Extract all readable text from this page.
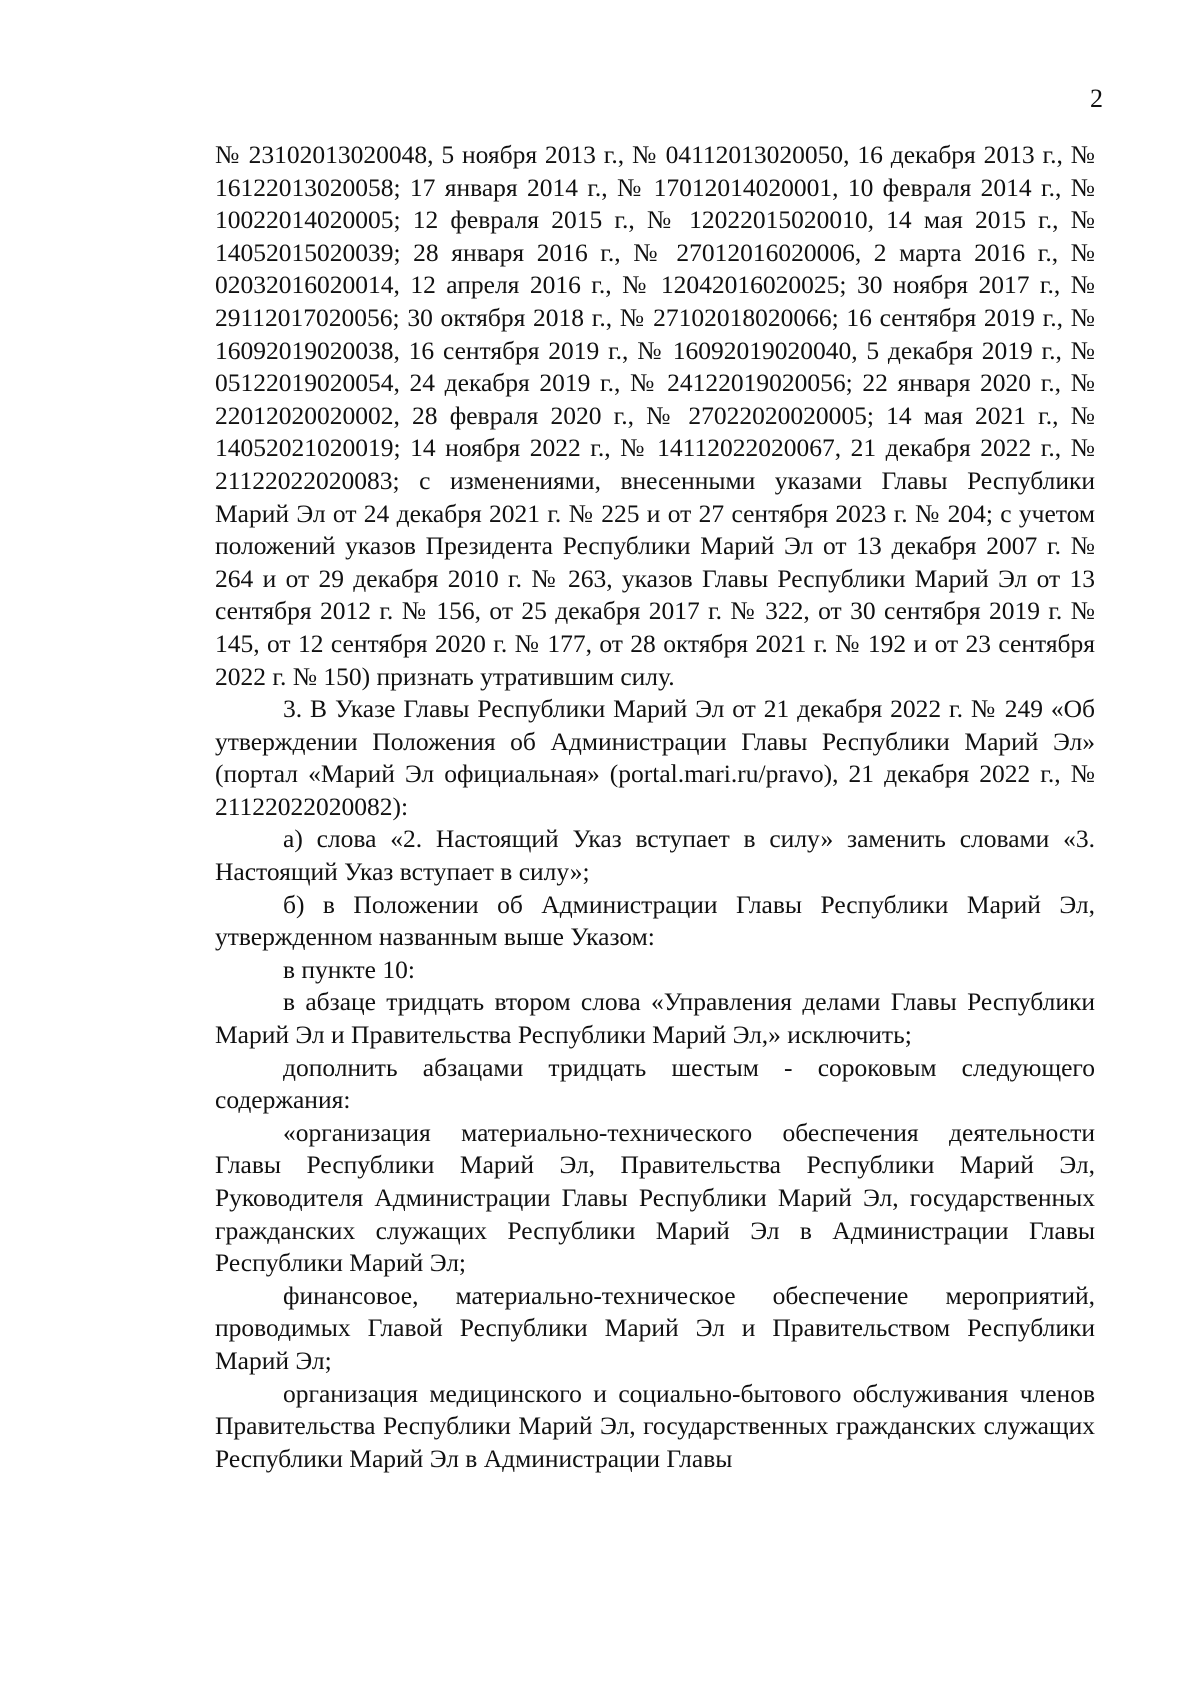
2

№ 23102013020048, 5 ноября 2013 г., № 04112013020050, 16 декабря 2013 г., № 16122013020058; 17 января 2014 г., № 17012014020001, 10 февраля 2014 г., № 10022014020005; 12 февраля 2015 г., № 12022015020010, 14 мая 2015 г., № 14052015020039; 28 января 2016 г., № 27012016020006, 2 марта 2016 г., № 02032016020014, 12 апреля 2016 г., № 12042016020025; 30 ноября 2017 г., № 29112017020056; 30 октября 2018 г., № 27102018020066; 16 сентября 2019 г., № 16092019020038, 16 сентября 2019 г., № 16092019020040, 5 декабря 2019 г., № 05122019020054, 24 декабря 2019 г., № 24122019020056; 22 января 2020 г., № 22012020020002, 28 февраля 2020 г., № 27022020020005; 14 мая 2021 г., № 14052021020019; 14 ноября 2022 г., № 14112022020067, 21 декабря 2022 г., № 21122022020083; с изменениями, внесенными указами Главы Республики Марий Эл от 24 декабря 2021 г. № 225 и от 27 сентября 2023 г. № 204; с учетом положений указов Президента Республики Марий Эл от 13 декабря 2007 г. № 264 и от 29 декабря 2010 г. № 263, указов Главы Республики Марий Эл от 13 сентября 2012 г. № 156, от 25 декабря 2017 г. № 322, от 30 сентября 2019 г. № 145, от 12 сентября 2020 г. № 177, от 28 октября 2021 г. № 192 и от 23 сентября 2022 г. № 150) признать утратившим силу.

3. В Указе Главы Республики Марий Эл от 21 декабря 2022 г. № 249 «Об утверждении Положения об Администрации Главы Республики Марий Эл» (портал «Марий Эл официальная» (portal.mari.ru/pravo), 21 декабря 2022 г., № 21122022020082):

а) слова «2. Настоящий Указ вступает в силу» заменить словами «3. Настоящий Указ вступает в силу»;

б) в Положении об Администрации Главы Республики Марий Эл, утвержденном названным выше Указом:

в пункте 10:

в абзаце тридцать втором слова «Управления делами Главы Республики Марий Эл и Правительства Республики Марий Эл,» исключить;

дополнить абзацами тридцать шестым - сороковым следующего содержания:

«организация материально-технического обеспечения деятельности Главы Республики Марий Эл, Правительства Республики Марий Эл, Руководителя Администрации Главы Республики Марий Эл, государственных гражданских служащих Республики Марий Эл в Администрации Главы Республики Марий Эл;

финансовое, материально-техническое обеспечение мероприятий, проводимых Главой Республики Марий Эл и Правительством Республики Марий Эл;

организация медицинского и социально-бытового обслуживания членов Правительства Республики Марий Эл, государственных гражданских служащих Республики Марий Эл в Администрации Главы
